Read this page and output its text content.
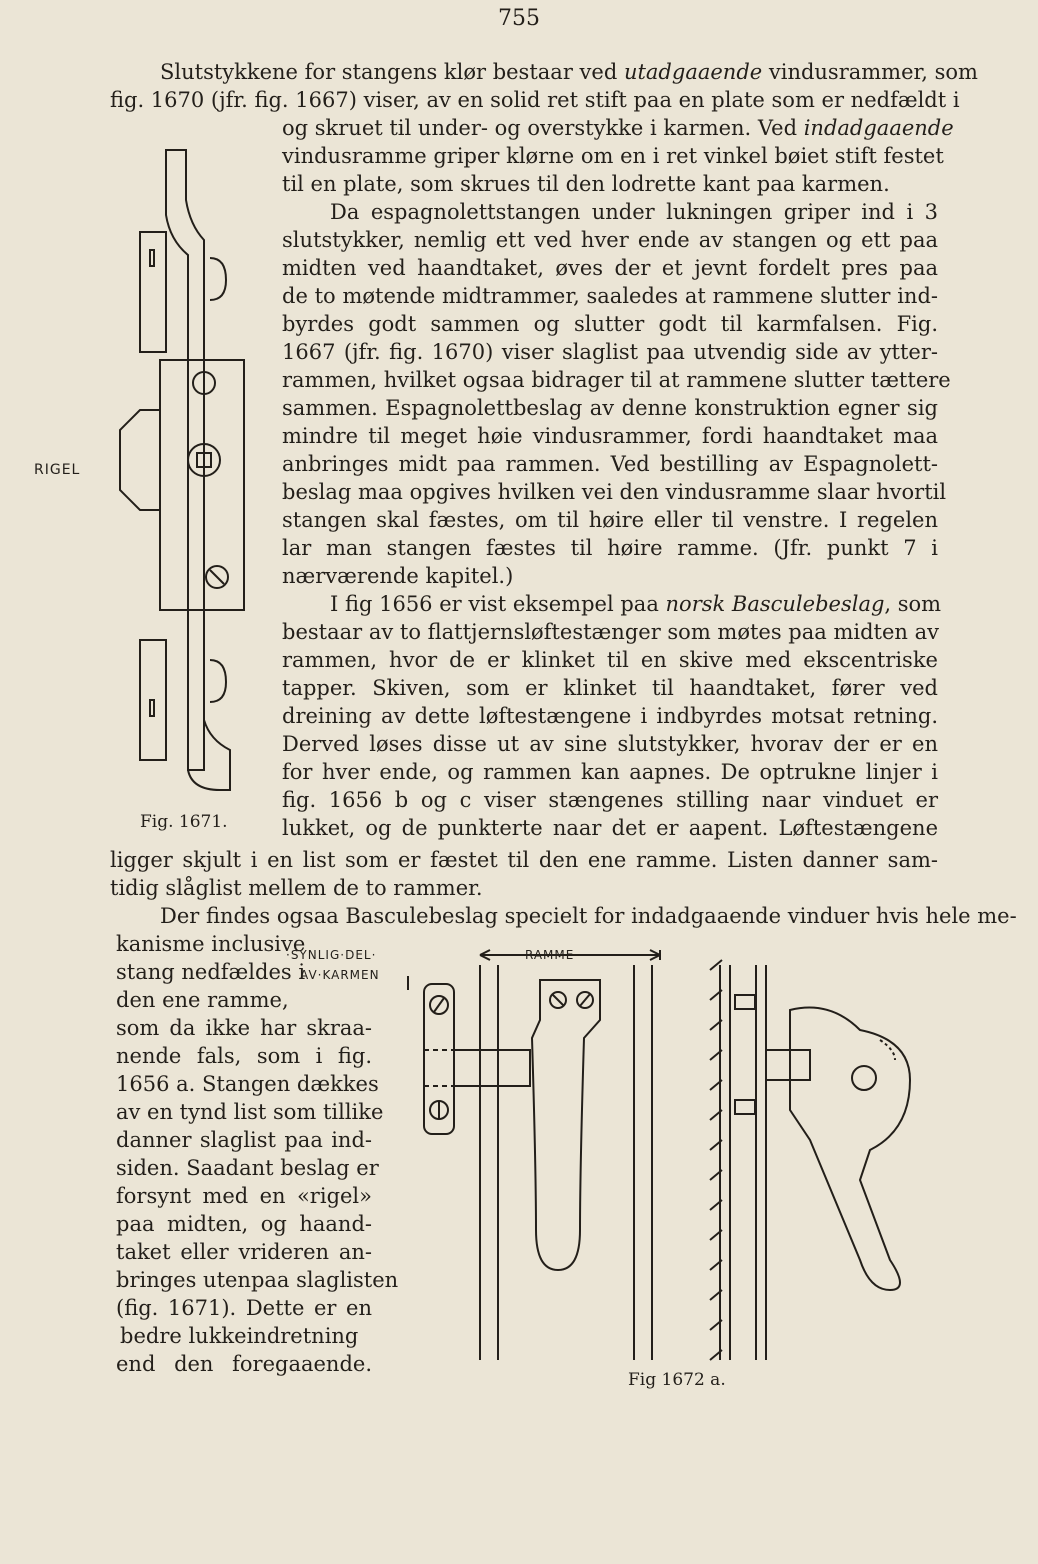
755
Slutstykkene for stangens klør bestaar ved utadgaaende vindusrammer, som
fig. 1670 (jfr. fig. 1667) viser, av en solid ret stift paa en plate som er nedfældt i
og skruet til under- og overstykke i karmen. Ved indadgaaende
vindusramme griper klørne om en i ret vinkel bøiet stift festet
til en plate, som skrues til den lodrette kant paa karmen.
Da espagnolettstangen under lukningen griper ind i 3
slutstykker, nemlig ett ved hver ende av stangen og ett paa
midten ved haandtaket, øves der et jevnt fordelt pres paa
de to møtende midtrammer, saaledes at rammene slutter ind-
byrdes godt sammen og slutter godt til karmfalsen. Fig.
1667 (jfr. fig. 1670) viser slaglist paa utvendig side av ytter-
rammen, hvilket ogsaa bidrager til at rammene slutter tættere
sammen. Espagnolettbeslag av denne konstruktion egner sig
mindre til meget høie vindusrammer, fordi haandtaket maa
anbringes midt paa rammen. Ved bestilling av Espagnolett-
beslag maa opgives hvilken vei den vindusramme slaar hvortil
stangen skal fæstes, om til høire eller til venstre. I regelen
lar man stangen fæstes til høire ramme. (Jfr. punkt 7 i
nærværende kapitel.)
I fig 1656 er vist eksempel paa norsk Basculebeslag, som
bestaar av to flattjernsløftestænger som møtes paa midten av
rammen, hvor de er klinket til en skive med ekscentriske
tapper. Skiven, som er klinket til haandtaket, fører ved
dreining av dette løftestængene i indbyrdes motsat retning.
Derved løses disse ut av sine slutstykker, hvorav der er en
for hver ende, og rammen kan aapnes. De optrukne linjer i
fig. 1656 b og c viser stængenes stilling naar vinduet er
lukket, og de punkterte naar det er aapent. Løftestængene
ligger skjult i en list som er fæstet til den ene ramme. Listen danner sam-
tidig slåglist mellem de to rammer.
Der findes ogsaa Basculebeslag specielt for indadgaaende vinduer hvis hele me-
kanisme inclusive
stang nedfældes i
den ene ramme,
som da ikke har skraa-
nende fals, som i fig.
1656 a. Stangen dækkes
av en tynd list som tillike
danner slaglist paa ind-
siden. Saadant beslag er
forsynt med en «rigel»
paa midten, og haand-
taket eller vrideren an-
bringes utenpaa slaglisten
(fig. 1671). Dette er en
bedre lukkeindretning
end den foregaaende.
RIGEL
Fig. 1671.
·SYNLIG·DEL·
AV·KARMEN
RAMME
Fig 1672 a.
